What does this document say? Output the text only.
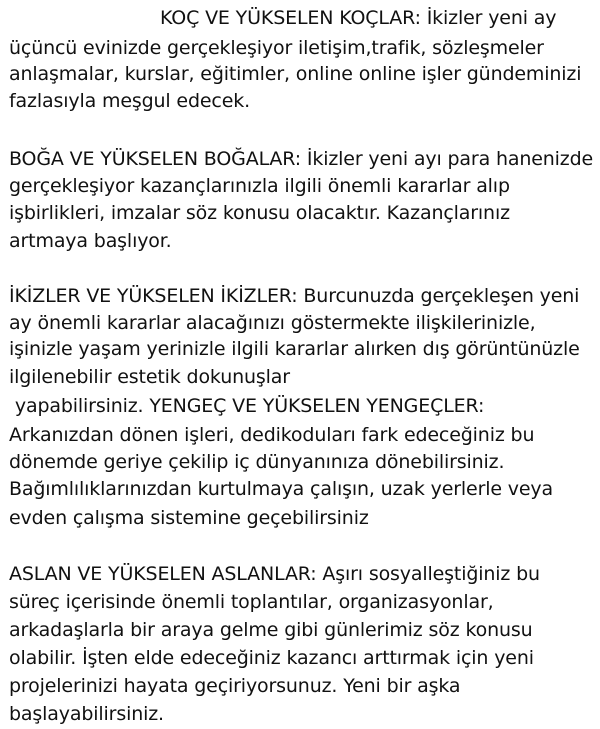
KOÇ VE YÜKSELEN KOÇLAR: İkizler yeni ay
üçüncü evinizde gerçekleşiyor iletişim,trafik, sözleşmeler
anlaşmalar, kurslar, eğitimler, online online işler gündeminizi
fazlasıyla meşgul edecek.
BOĞA VE YÜKSELEN BOĞALAR: İkizler yeni ayı para hanenizde
gerçekleşiyor kazançlarınızla ilgili önemli kararlar alıp
işbirlikleri, imzalar söz konusu olacaktır. Kazançlarınız
artmaya başlıyor.
İKİZLER VE YÜKSELEN İKİZLER: Burcunuzda gerçekleşen yeni
ay önemli kararlar alacağınızı göstermekte ilişkilerinizle,
işinizle yaşam yerinizle ilgili kararlar alırken dış görüntünüzle
ilgilenebilir estetik dokunuşlar
yapabilirsiniz. YENGEÇ VE YÜKSELEN YENGEÇLER:
Arkanızdan dönen işleri, dedikoduları fark edeceğiniz bu
dönemde geriye çekilip iç dünyanınıza dönebilirsiniz.
Bağımlılıklarınızdan kurtulmaya çalışın, uzak yerlerle veya
evden çalışma sistemine geçebilirsiniz
ASLAN VE YÜKSELEN ASLANLAR: Aşırı sosyalleştiğiniz bu
süreç içerisinde önemli toplantılar, organizasyonlar,
arkadaşlarla bir araya gelme gibi günlerimiz söz konusu
olabilir. İşten elde edeceğiniz kazancı arttırmak için yeni
projelerinizi hayata geçiriyorsunuz. Yeni bir aşka
başlayabilirsiniz.
